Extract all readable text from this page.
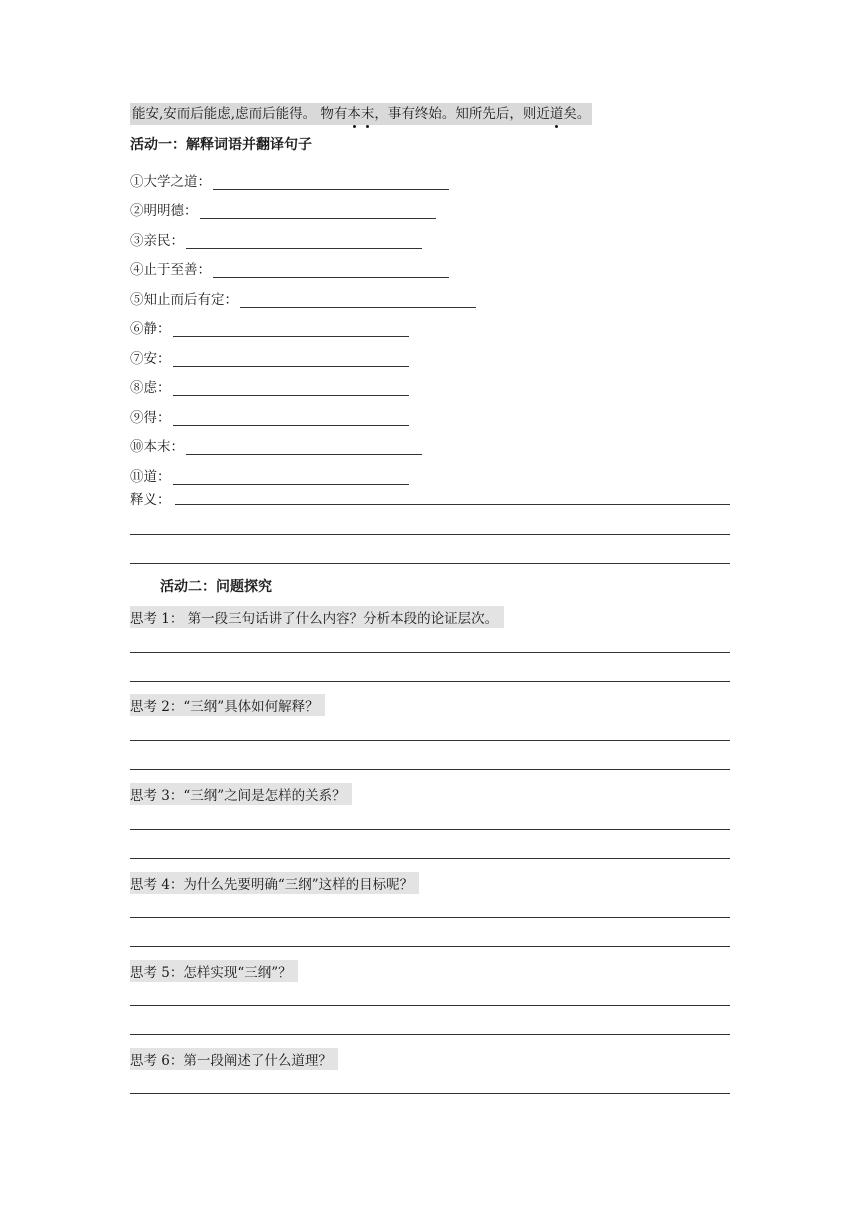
能安,安而后能虑,虑而后能得。 物有本末，事有终始。知所先后，则近道矣。
活动一：解释词语并翻译句子
①大学之道：
②明明德：
③亲民：
④止于至善：
⑤知止而后有定：
⑥静：
⑦安：
⑧虑：
⑨得：
⑩本末：
⑪道：
释义：
活动二：问题探究
思考 1： 第一段三句话讲了什么内容？分析本段的论证层次。
思考 2：“三纲”具体如何解释？
思考 3：“三纲”之间是怎样的关系？
思考 4：为什么先要明确“三纲”这样的目标呢？
思考 5：怎样实现“三纲”？
思考 6：第一段阐述了什么道理？
